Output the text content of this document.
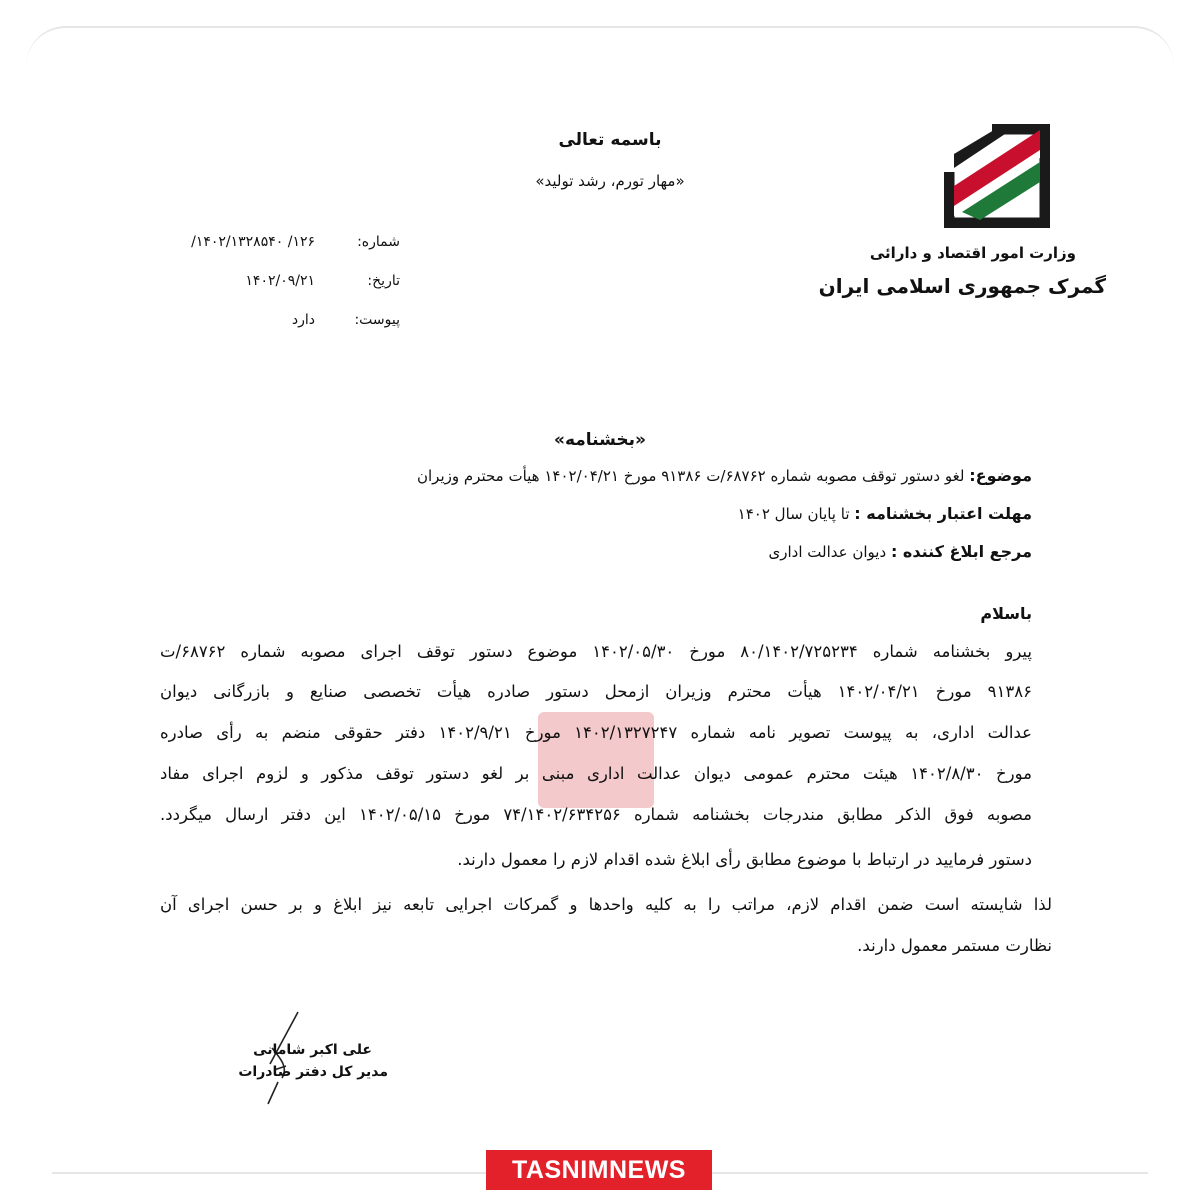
وزارت امور اقتصاد و دارائی
گمرک جمهوری اسلامی ایران
باسمه تعالی
«مهار تورم، رشد تولید»
شماره:
۱۲۶/ ۱۴۰۲/۱۳۲۸۵۴۰/
تاریخ:
۱۴۰۲/۰۹/۲۱
پیوست:
دارد
«بخشنامه»
موضوع: لغو دستور توقف مصوبه شماره ۶۸۷۶۲/ت ۹۱۳۸۶ مورخ ۱۴۰۲/۰۴/۲۱ هیأت محترم وزیران
مهلت اعتبار بخشنامه : تا پایان سال ۱۴۰۲
مرجع ابلاغ کننده : دیوان عدالت اداری
باسلام
پیرو بخشنامه شماره ۸۰/۱۴۰۲/۷۲۵۲۳۴ مورخ ۱۴۰۲/۰۵/۳۰ موضوع دستور توقف اجرای مصوبه شماره ۶۸۷۶۲/ت
۹۱۳۸۶ مورخ ۱۴۰۲/۰۴/۲۱ هیأت محترم وزیران ازمحل دستور صادره هیأت تخصصی صنایع و بازرگانی دیوان
عدالت اداری، به پیوست تصویر نامه شماره ۱۴۰۲/۱۳۲۷۲۴۷ مورخ ۱۴۰۲/۹/۲۱ دفتر حقوقی منضم به رأی صادره
مورخ ۱۴۰۲/۸/۳۰ هیئت محترم عمومی دیوان عدالت اداری مبنی بر لغو دستور توقف مذکور و لزوم اجرای مفاد
مصوبه فوق الذکر مطابق مندرجات بخشنامه شماره ۷۴/۱۴۰۲/۶۳۴۲۵۶ مورخ ۱۴۰۲/۰۵/۱۵ این دفتر ارسال میگردد.
دستور فرمایید در ارتباط با موضوع مطابق رأی ابلاغ شده اقدام لازم را معمول دارند.
لذا شایسته است ضمن اقدام لازم، مراتب را به کلیه واحدها و گمرکات اجرایی تابعه نیز ابلاغ و بر حسن اجرای آن
نظارت مستمر معمول دارند.
علی اکبر شامانی
مدیر کل دفتر صادرات
TASNIMNEWS
